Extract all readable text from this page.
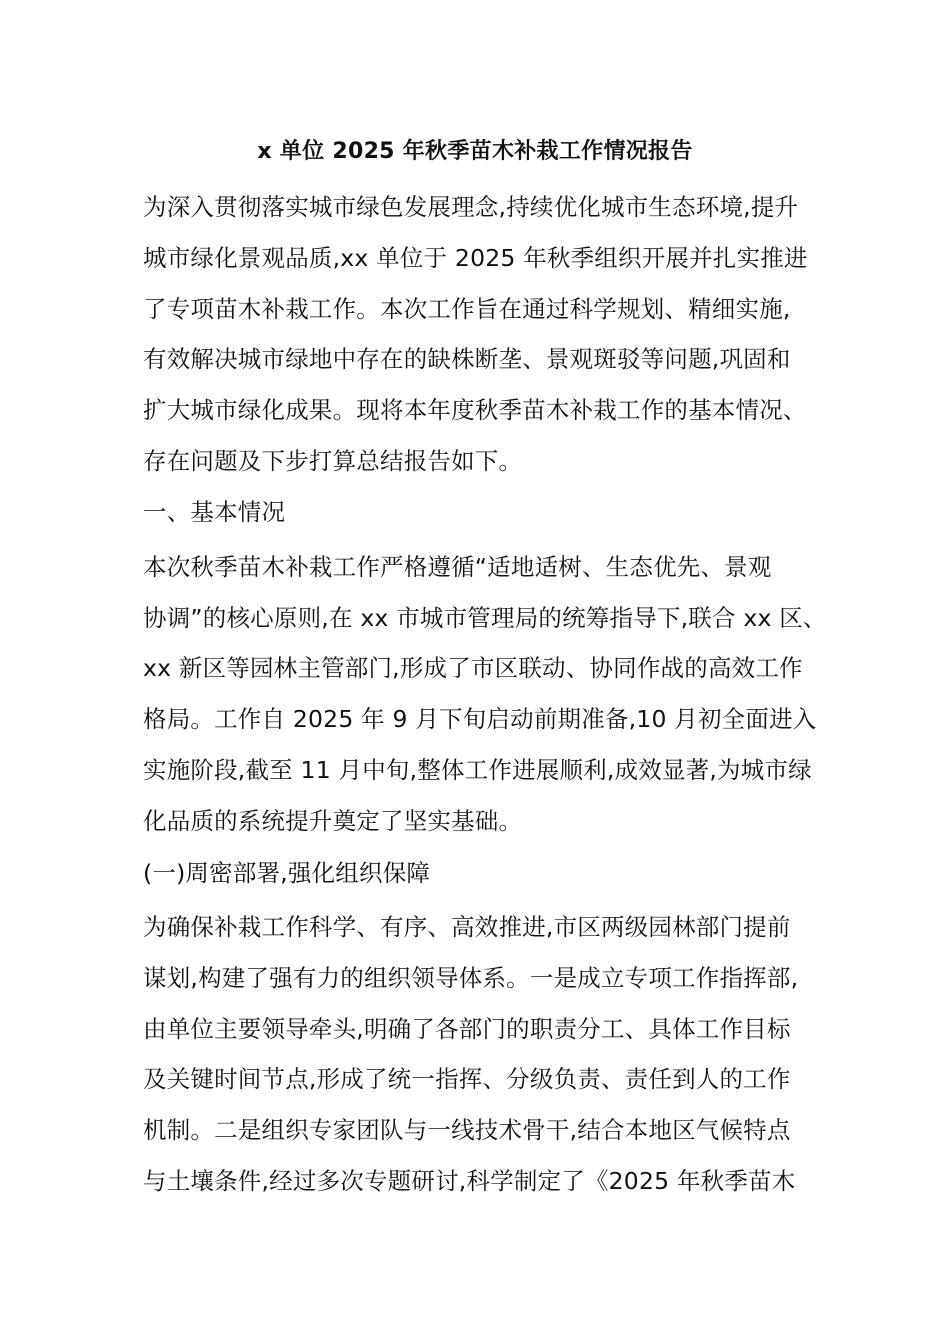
x 单位 2025 年秋季苗木补栽工作情况报告
为深入贯彻落实城市绿色发展理念,持续优化城市生态环境,提升
城市绿化景观品质,xx 单位于 2025 年秋季组织开展并扎实推进
了专项苗木补栽工作。本次工作旨在通过科学规划、精细实施,
有效解决城市绿地中存在的缺株断垄、景观斑驳等问题,巩固和
扩大城市绿化成果。现将本年度秋季苗木补栽工作的基本情况、
存在问题及下步打算总结报告如下。
一、基本情况
本次秋季苗木补栽工作严格遵循“适地适树、生态优先、景观
协调”的核心原则,在 xx 市城市管理局的统筹指导下,联合 xx 区、
xx 新区等园林主管部门,形成了市区联动、协同作战的高效工作
格局。工作自 2025 年 9 月下旬启动前期准备,10 月初全面进入
实施阶段,截至 11 月中旬,整体工作进展顺利,成效显著,为城市绿
化品质的系统提升奠定了坚实基础。
(一)周密部署,强化组织保障
为确保补栽工作科学、有序、高效推进,市区两级园林部门提前
谋划,构建了强有力的组织领导体系。一是成立专项工作指挥部,
由单位主要领导牵头,明确了各部门的职责分工、具体工作目标
及关键时间节点,形成了统一指挥、分级负责、责任到人的工作
机制。二是组织专家团队与一线技术骨干,结合本地区气候特点
与土壤条件,经过多次专题研讨,科学制定了《2025 年秋季苗木
